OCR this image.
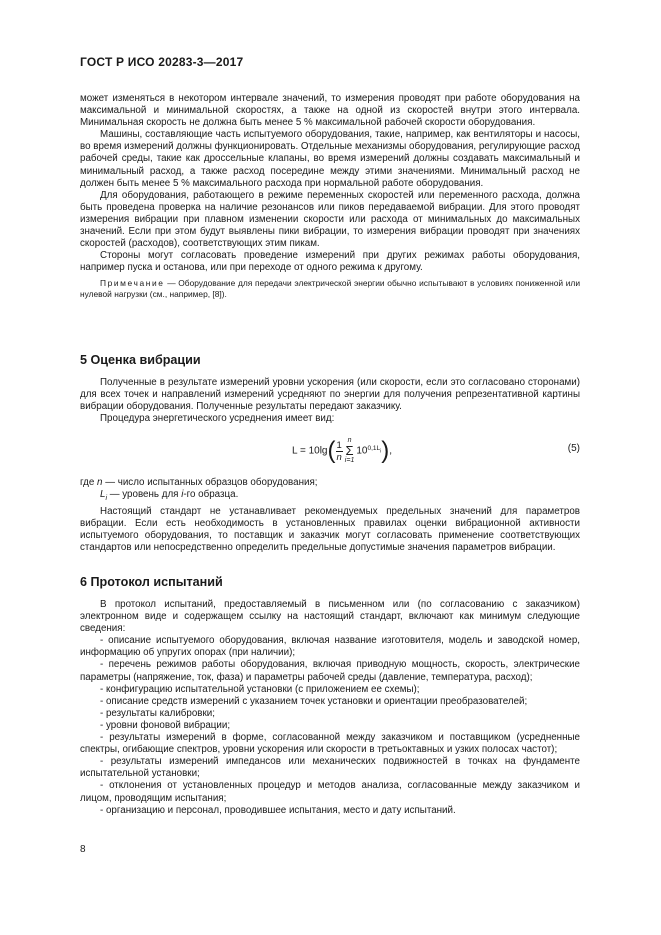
ГОСТ Р ИСО 20283-3—2017

может изменяться в некотором интервале значений, то измерения проводят при работе оборудования на максимальной и минимальной скоростях, а также на одной из скоростей внутри этого интервала. Минимальная скорость не должна быть менее 5 % максимальной рабочей скорости оборудования.

Машины, составляющие часть испытуемого оборудования, такие, например, как вентиляторы и насосы, во время измерений должны функционировать. Отдельные механизмы оборудования, регулирующие расход рабочей среды, такие как дроссельные клапаны, во время измерений должны создавать максимальный и минимальный расход, а также расход посередине между этими значениями. Минимальный расход не должен быть менее 5 % максимального расхода при нормальной работе оборудования.

Для оборудования, работающего в режиме переменных скоростей или переменного расхода, должна быть проведена проверка на наличие резонансов или пиков передаваемой вибрации. Для этого проводят измерения вибрации при плавном изменении скорости или расхода от минимальных до максимальных значений. Если при этом будут выявлены пики вибрации, то измерения вибрации проводят при значениях скоростей (расходов), соответствующих этим пикам.

Стороны могут согласовать проведение измерений при других режимах работы оборудования, например пуска и останова, или при переходе от одного режима к другому.

Примечание — Оборудование для передачи электрической энергии обычно испытывают в условиях пониженной или нулевой нагрузки (см., например, [8]).

5 Оценка вибрации

Полученные в результате измерений уровни ускорения (или скорости, если это согласовано сторонами) для всех точек и направлений измерений усредняют по энергии для получения репрезентативной картины вибрации оборудования. Полученные результаты передают заказчику.

Процедура энергетического усреднения имеет вид:

$L = 10\lg( \frac{1}{n}$ n
Σ
i=1
$10^{0,1L_i}$),	(5)

где n — число испытанных образцов оборудования;

$L_i$ — уровень для i-го образца.

Настоящий стандарт не устанавливает рекомендуемых предельных значений для параметров вибрации. Если есть необходимость в установленных правилах оценки вибрационной активности испытуемого оборудования, то поставщик и заказчик могут согласовать применение соответствующих стандартов или непосредственно определить предельные допустимые значения параметров вибрации.

6 Протокол испытаний

В протокол испытаний, предоставляемый в письменном или (по согласованию с заказчиком) электронном виде и содержащем ссылку на настоящий стандарт, включают как минимум следующие сведения:

- описание испытуемого оборудования, включая название изготовителя, модель и заводской номер, информацию об упругих опорах (при наличии);

- перечень режимов работы оборудования, включая приводную мощность, скорость, электрические параметры (напряжение, ток, фаза) и параметры рабочей среды (давление, температура, расход);

- конфигурацию испытательной установки (с приложением ее схемы);

- описание средств измерений с указанием точек установки и ориентации преобразователей;

- результаты калибровки;

- уровни фоновой вибрации;

- результаты измерений в форме, согласованной между заказчиком и поставщиком (усредненные спектры, огибающие спектров, уровни ускорения или скорости в третьоктавных и узких полосах частот);

- результаты измерений импедансов или механических подвижностей в точках на фундаменте испытательной установки;

- отклонения от установленных процедур и методов анализа, согласованные между заказчиком и лицом, проводящим испытания;

- организацию и персонал, проводившее испытания, место и дату испытаний.

8
